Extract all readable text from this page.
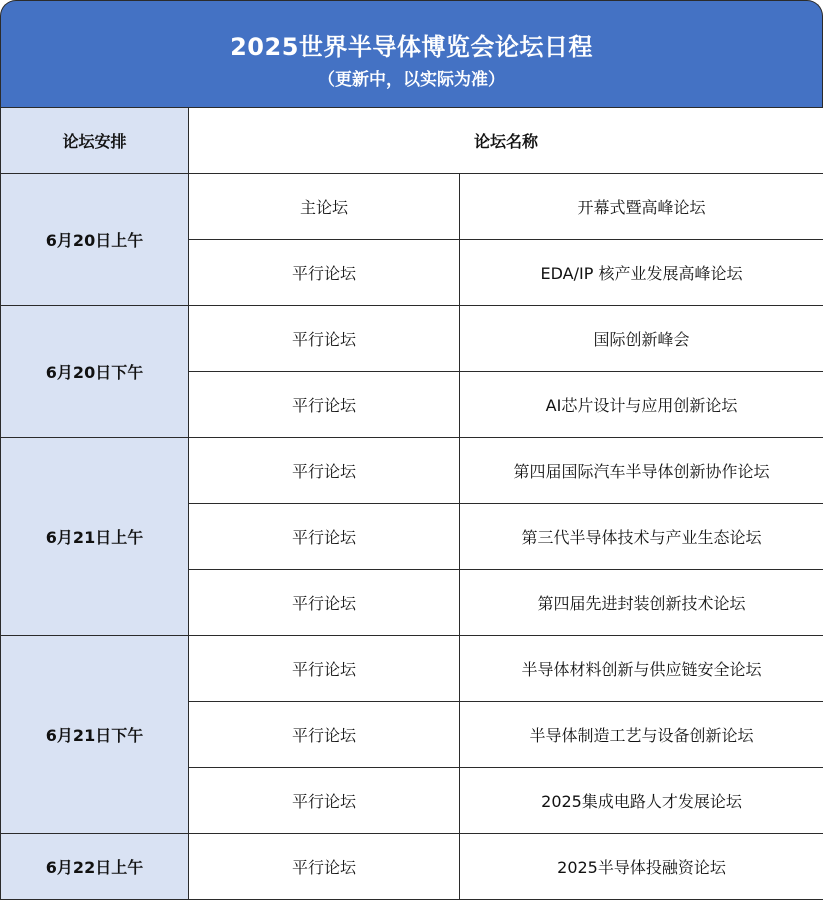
2025世界半导体博览会论坛日程
（更新中，以实际为准）
论坛安排	论坛名称	
6月20日上午	主论坛	开幕式暨高峰论坛
	平行论坛	EDA/IP 核产业发展高峰论坛
6月20日下午	平行论坛	国际创新峰会
	平行论坛	AI芯片设计与应用创新论坛
6月21日上午	平行论坛	第四届国际汽车半导体创新协作论坛
	平行论坛	第三代半导体技术与产业生态论坛
	平行论坛	第四届先进封装创新技术论坛
6月21日下午	平行论坛	半导体材料创新与供应链安全论坛
	平行论坛	半导体制造工艺与设备创新论坛
	平行论坛	2025集成电路人才发展论坛
6月22日上午	平行论坛	2025半导体投融资论坛
